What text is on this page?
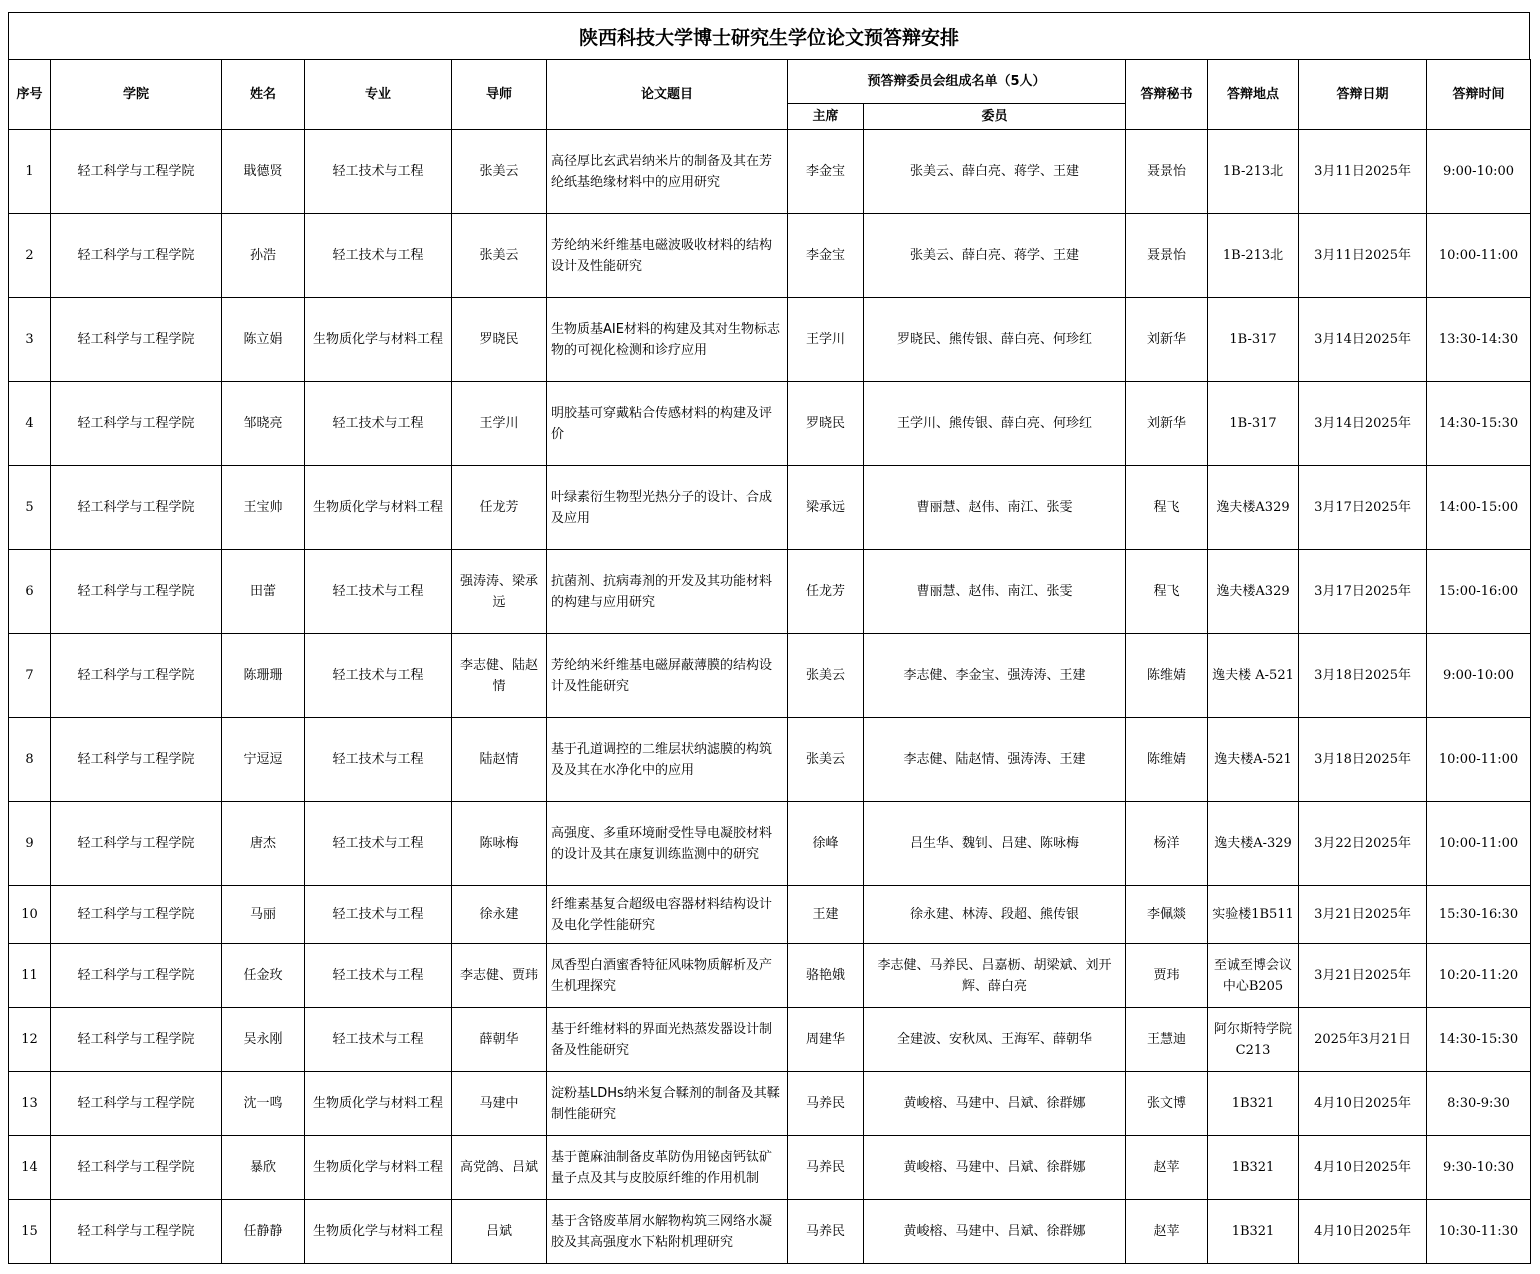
陕西科技大学博士研究生学位论文预答辩安排
序号	学院	姓名	专业	导师	论文题目	预答辩委员会组成名单（5人）		答辩秘书	答辩地点	答辩日期	答辩时间
						主席	委员				
1	轻工科学与工程学院	戢德贤	轻工技术与工程	张美云	高径厚比玄武岩纳米片的制备及其在芳纶纸基绝缘材料中的应用研究	李金宝	张美云、薛白亮、蒋学、王建	聂景怡	1B-213北	3月11日2025年	9:00-10:00
2	轻工科学与工程学院	孙浩	轻工技术与工程	张美云	芳纶纳米纤维基电磁波吸收材料的结构设计及性能研究	李金宝	张美云、薛白亮、蒋学、王建	聂景怡	1B-213北	3月11日2025年	10:00-11:00
3	轻工科学与工程学院	陈立娟	生物质化学与材料工程	罗晓民	生物质基AIE材料的构建及其对生物标志物的可视化检测和诊疗应用	王学川	罗晓民、熊传银、薛白亮、何珍红	刘新华	1B-317	3月14日2025年	13:30-14:30
4	轻工科学与工程学院	邹晓亮	轻工技术与工程	王学川	明胶基可穿戴粘合传感材料的构建及评价	罗晓民	王学川、熊传银、薛白亮、何珍红	刘新华	1B-317	3月14日2025年	14:30-15:30
5	轻工科学与工程学院	王宝帅	生物质化学与材料工程	任龙芳	叶绿素衍生物型光热分子的设计、合成及应用	梁承远	曹丽慧、赵伟、南江、张雯	程飞	逸夫楼A329	3月17日2025年	14:00-15:00
6	轻工科学与工程学院	田蕾	轻工技术与工程	强涛涛、梁承远	抗菌剂、抗病毒剂的开发及其功能材料的构建与应用研究	任龙芳	曹丽慧、赵伟、南江、张雯	程飞	逸夫楼A329	3月17日2025年	15:00-16:00
7	轻工科学与工程学院	陈珊珊	轻工技术与工程	李志健、陆赵情	芳纶纳米纤维基电磁屏蔽薄膜的结构设计及性能研究	张美云	李志健、李金宝、强涛涛、王建	陈维婧	逸夫楼 A-521	3月18日2025年	9:00-10:00
8	轻工科学与工程学院	宁逗逗	轻工技术与工程	陆赵情	基于孔道调控的二维层状纳滤膜的构筑及及其在水净化中的应用	张美云	李志健、陆赵情、强涛涛、王建	陈维婧	逸夫楼A-521	3月18日2025年	10:00-11:00
9	轻工科学与工程学院	唐杰	轻工技术与工程	陈咏梅	高强度、多重环境耐受性导电凝胶材料的设计及其在康复训练监测中的研究	徐峰	吕生华、魏钊、吕建、陈咏梅	杨洋	逸夫楼A-329	3月22日2025年	10:00-11:00
10	轻工科学与工程学院	马丽	轻工技术与工程	徐永建	纤维素基复合超级电容器材料结构设计及电化学性能研究	王建	徐永建、林涛、段超、熊传银	李佩燚	实验楼1B511	3月21日2025年	15:30-16:30
11	轻工科学与工程学院	任金玫	轻工技术与工程	李志健、贾玮	凤香型白酒蜜香特征风味物质解析及产生机理探究	骆艳娥	李志健、马养民、吕嘉枥、胡梁斌、刘开辉、薛白亮	贾玮	至诚至博会议中心B205	3月21日2025年	10:20-11:20
12	轻工科学与工程学院	吴永刚	轻工技术与工程	薛朝华	基于纤维材料的界面光热蒸发器设计制备及性能研究	周建华	全建波、安秋凤、王海军、薛朝华	王慧迪	阿尔斯特学院C213	2025年3月21日	14:30-15:30
13	轻工科学与工程学院	沈一鸣	生物质化学与材料工程	马建中	淀粉基LDHs纳米复合鞣剂的制备及其鞣制性能研究	马养民	黄峻榕、马建中、吕斌、徐群娜	张文博	1B321	4月10日2025年	8:30-9:30
14	轻工科学与工程学院	暴欣	生物质化学与材料工程	高党鸽、吕斌	基于蓖麻油制备皮革防伪用铋卤钙钛矿量子点及其与皮胶原纤维的作用机制	马养民	黄峻榕、马建中、吕斌、徐群娜	赵苹	1B321	4月10日2025年	9:30-10:30
15	轻工科学与工程学院	任静静	生物质化学与材料工程	吕斌	基于含铬废革屑水解物构筑三网络水凝胶及其高强度水下粘附机理研究	马养民	黄峻榕、马建中、吕斌、徐群娜	赵苹	1B321	4月10日2025年	10:30-11:30
